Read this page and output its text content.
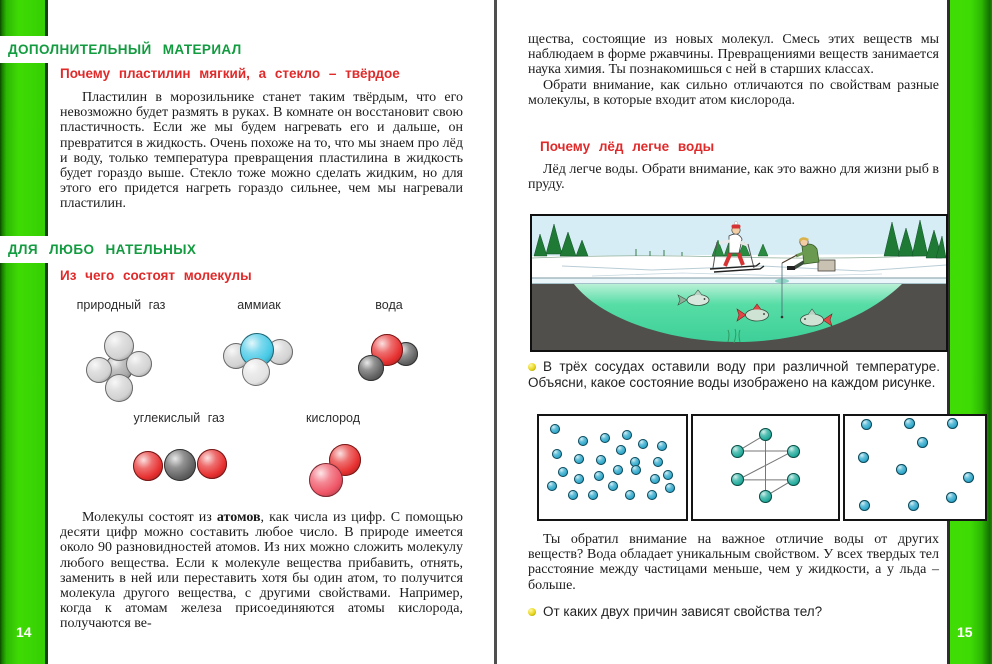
14	15
ДОПОЛНИТЕЛЬНЫЙ МАТЕРИАЛ
Почему пластилин мягкий, а стекло – твёрдое
Пластилин в морозильнике станет таким твёрдым, что его невозможно будет размять в руках. В комнате он восстановит свою пластичность. Если же мы будем нагревать его и дальше, он превратится в жидкость. Очень похоже на то, что мы знаем про лёд и воду, только температура превращения пластилина в жидкость будет гораздо выше. Стекло тоже можно сделать жидким, но для этого его придется нагреть гораздо сильнее, чем мы нагревали пластилин.
ДЛЯ ЛЮБО НАТЕЛЬНЫХ
Из чего состоят молекулы
природный газ	аммиак	вода
углекислый газ	кислород
Молекулы состоят из атомов, как числа из цифр. С помощью десяти цифр можно составить любое число. В природе имеется около 90 разновидностей атомов. Из них можно сложить молекулу любого вещества. Если к молекуле вещества прибавить, отнять, заменить в ней или переставить хотя бы один атом, то получится молекула другого вещества, с другими свойствами. Например, когда к атомам железа присоединяются атомы кислорода, получаются ве-
щества, состоящие из новых молекул. Смесь этих веществ мы наблюдаем в форме ржавчины. Превращениями веществ занимается наука химия. Ты познакомишься с ней в старших классах.
Обрати внимание, как сильно отличаются по свойствам разные молекулы, в которые входит атом кислорода.
Почему лёд легче воды
Лёд легче воды. Обрати внимание, как это важно для жизни рыб в пруду.
В трёх сосудах оставили воду при различной температуре. Объясни, какое состояние воды изображено на каждом рисунке.
Ты обратил внимание на важное отличие воды от других веществ? Вода обладает уникальным свойством. У всех твердых тел расстояние между частицами меньше, чем у жидкости, а у льда – больше.
От каких двух причин зависят свойства тел?
